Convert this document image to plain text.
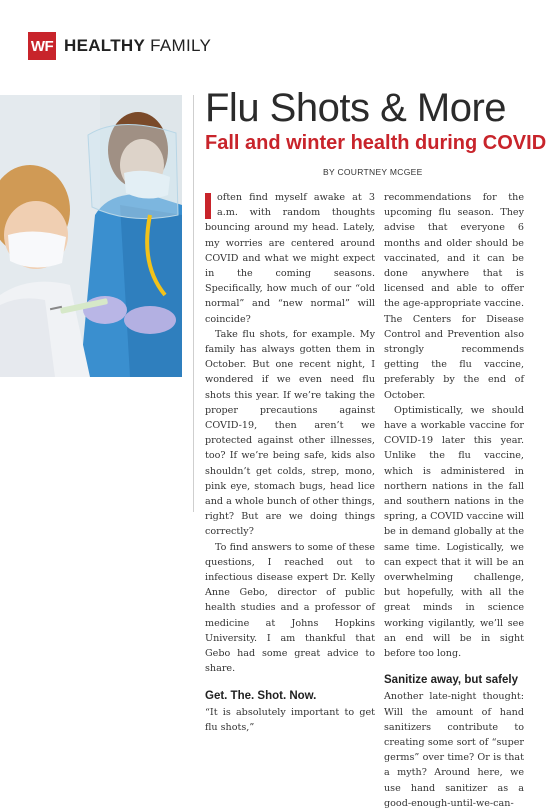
WF HEALTHY FAMILY
Flu Shots & More
Fall and winter health during COVID
BY COURTNEY MCGEE

often find myself awake at 3 a.m. with random thoughts bouncing around my head. Lately, my worries are centered around COVID and what we might expect in the coming seasons. Specifically, how much of our “old normal” and “new normal” will coincide?

Take flu shots, for example. My family has always gotten them in October. But one recent night, I wondered if we even need flu shots this year. If we’re taking the proper precautions against COVID-19, then aren’t we protected against other illnesses, too? If we’re being safe, kids also shouldn’t get colds, strep, mono, pink eye, stomach bugs, head lice and a whole bunch of other things, right? But are we doing things correctly?

To find answers to some of these questions, I reached out to infectious disease expert Dr. Kelly Anne Gebo, director of public health studies and a professor of medicine at Johns Hopkins University. I am thankful that Gebo had some great advice to share.

Get. The. Shot. Now.

“It is absolutely important to get flu shots,”

recommendations for the upcoming flu season. They advise that everyone 6 months and older should be vaccinated, and it can be done anywhere that is licensed and able to offer the age-appropriate vaccine. The Centers for Disease Control and Prevention also strongly recommends getting the flu vaccine, preferably by the end of October.

Optimistically, we should have a workable vaccine for COVID-19 later this year. Unlike the flu vaccine, which is administered in northern nations in the fall and southern nations in the spring, a COVID vaccine will be in demand globally at the same time. Logistically, we can expect that it will be an overwhelming challenge, but hopefully, with all the great minds in science working vigilantly, we’ll see an end will be in sight before too long.

Sanitize away, but safely

Another late-night thought: Will the amount of hand sanitizers contribute to creating some sort of “super germs” over time? Or is that a myth? Around here, we use hand sanitizer as a good-enough-until-we-can-
